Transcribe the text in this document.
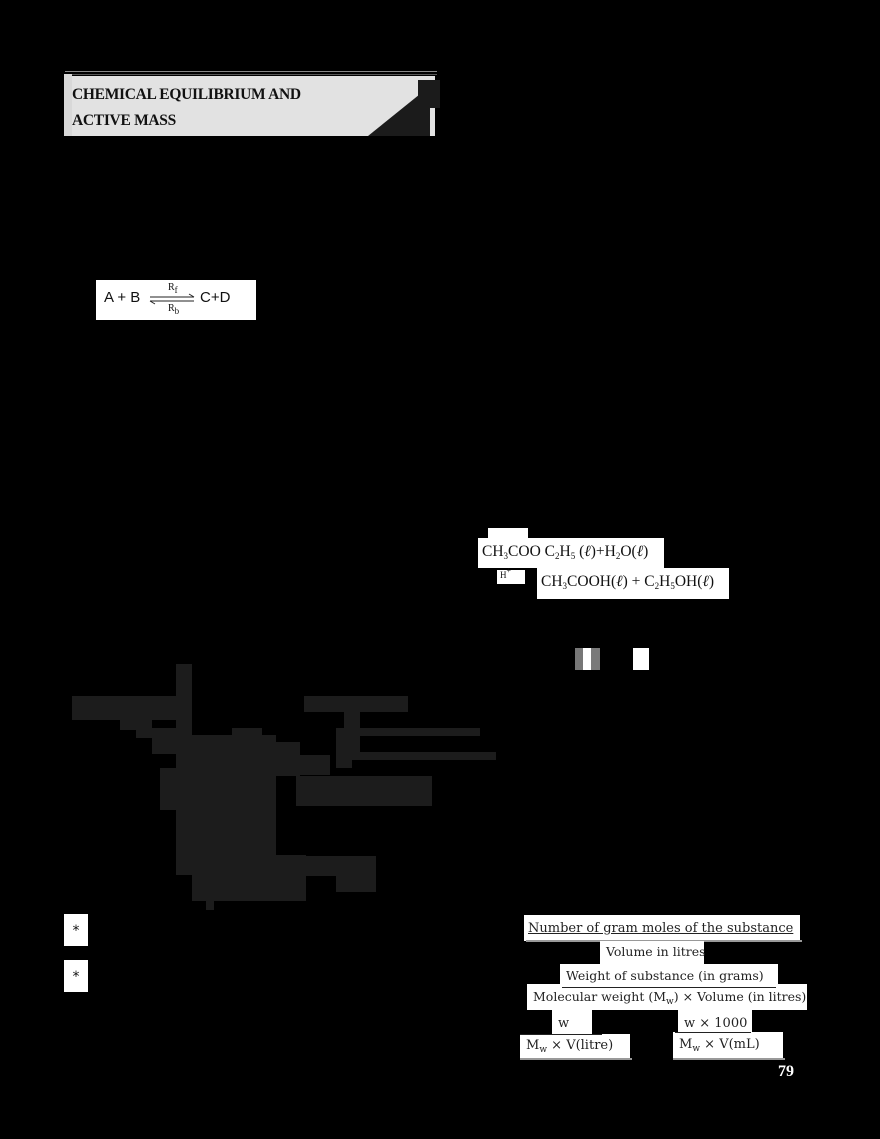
CHEMICAL EQUILIBRIUM AND
ACTIVE MASS
A + B
$R_f$
$R_b$
C+D
$CH_3COO$ $C_2H_5$ $(\ell)+H_2O(\ell)$
H+
$CH_3COOH(\ell)$ + $C_2H_5OH(\ell)$
*
*
Number of gram moles of the substance
Volume in litres
Weight of substance (in grams)
Molecular weight $(M_w)$ × Volume (in litres)
w
$M_w$ × V(litre)
w × 1000
$M_w \times V(mL)$
79
